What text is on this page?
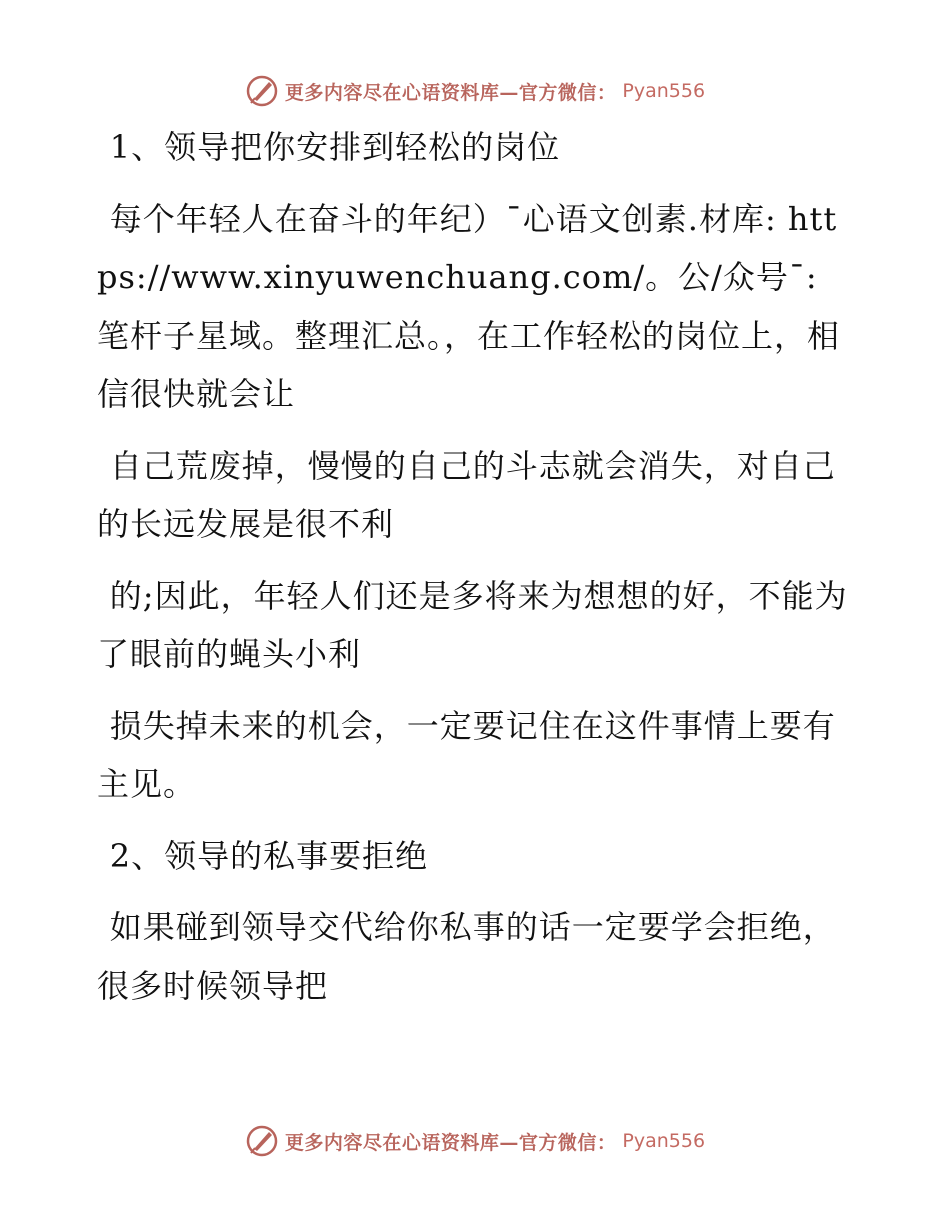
更多内容尽在心语资料库—官方微信： Pyan556

1、领导把你安排到轻松的岗位

每个年轻人在奋斗的年纪）¯心语文创素.材库: https://www.xinyuwenchuang.com/。公/众号¯: 笔杆子星域。整理汇总。，在工作轻松的岗位上，相信很快就会让

自己荒废掉，慢慢的自己的斗志就会消失，对自己的长远发展是很不利

的;因此，年轻人们还是多将来为想想的好，不能为了眼前的蝇头小利

损失掉未来的机会，一定要记住在这件事情上要有主见。

2、领导的私事要拒绝

如果碰到领导交代给你私事的话一定要学会拒绝，很多时候领导把

更多内容尽在心语资料库—官方微信： Pyan556
